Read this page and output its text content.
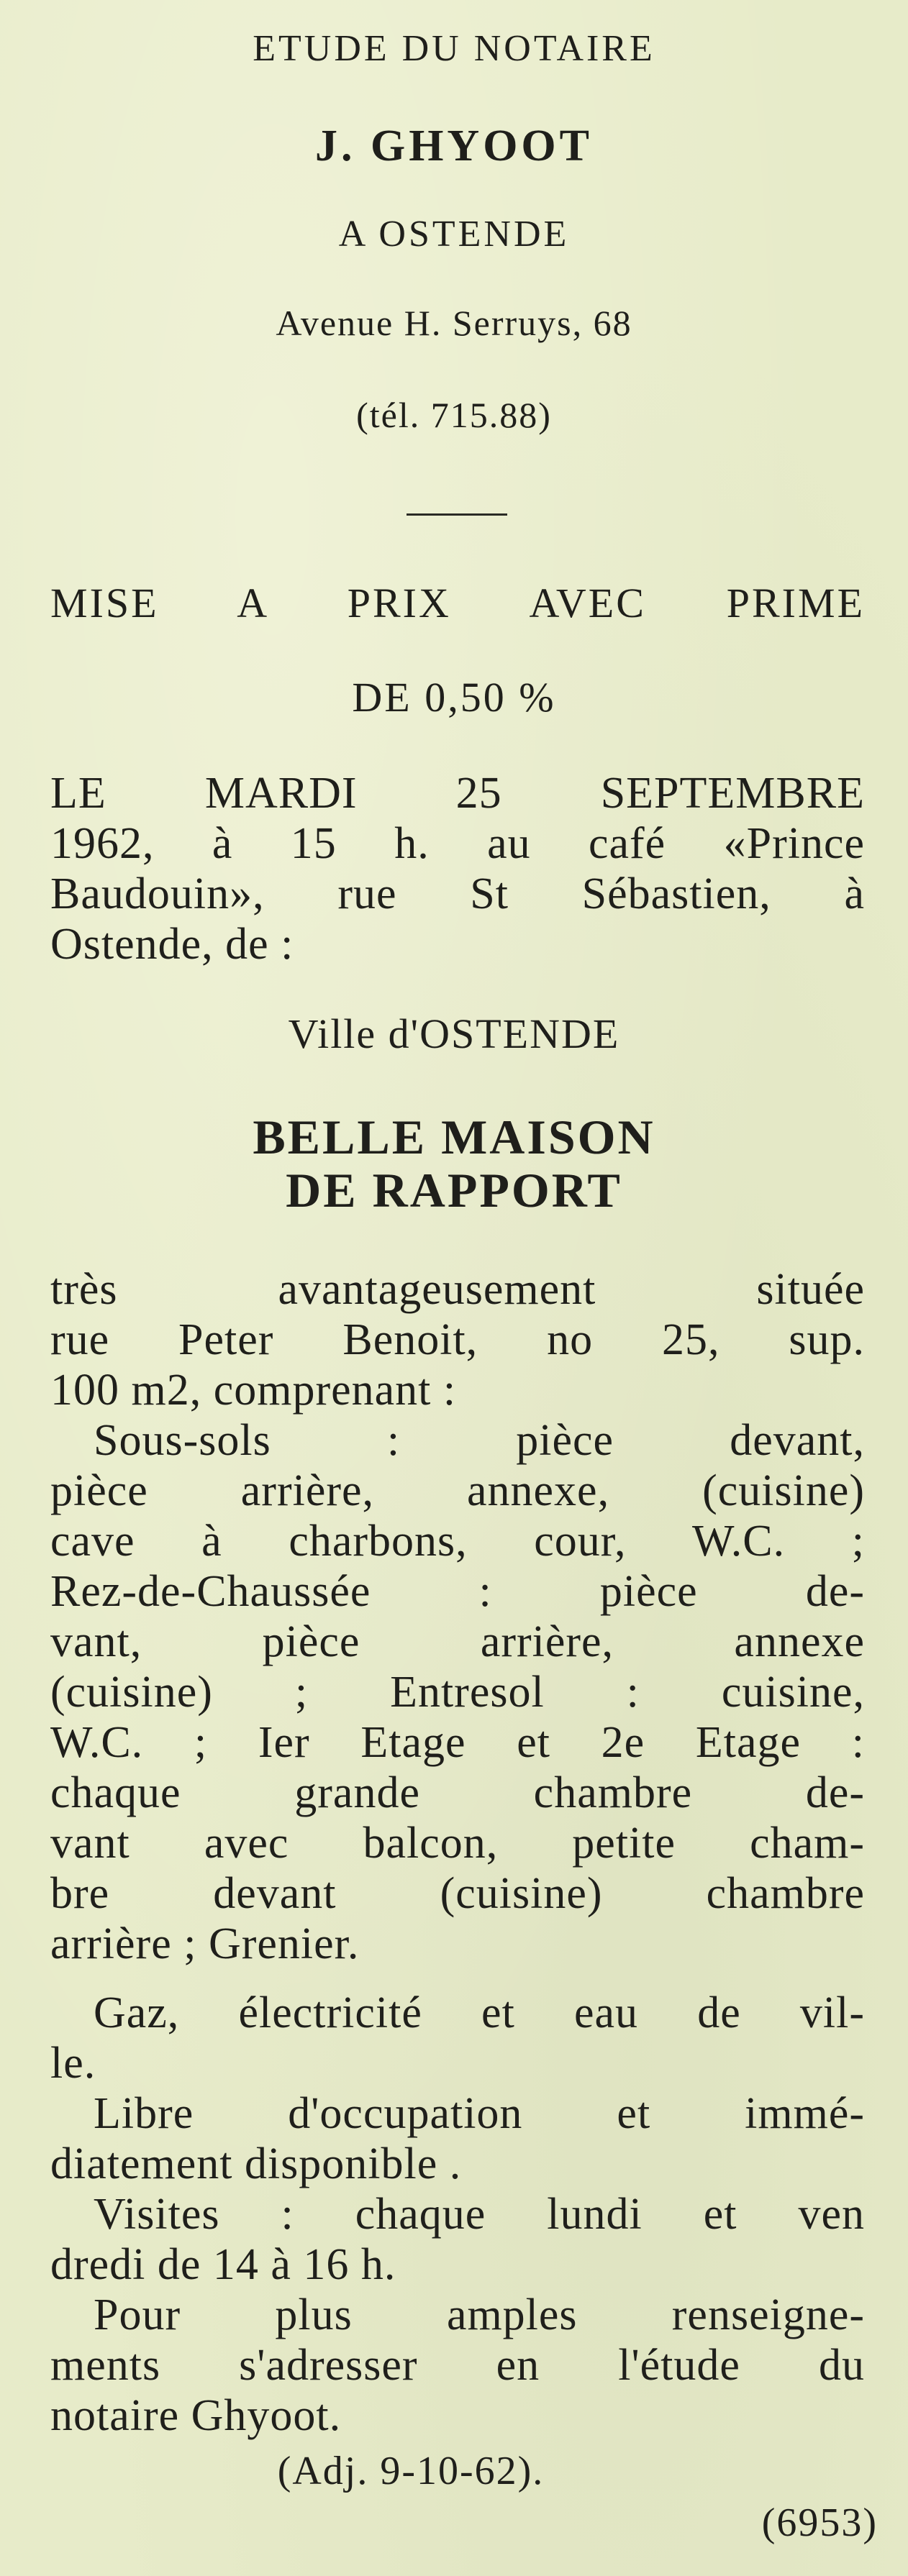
ETUDE DU NOTAIRE
J. GHYOOT
A OSTENDE
Avenue H. Serruys, 68
(tél. 715.88)
MISE A PRIX AVEC PRIME
DE 0,50 %
LE MARDI 25 SEPTEMBRE
1962, à 15 h. au café «Prince
Baudouin», rue St Sébastien, à
Ostende, de :
Ville d'OSTENDE
BELLE MAISON
DE RAPPORT
très avantageusement située
rue Peter Benoit, no 25, sup.
100 m2, comprenant :
Sous-sols : pièce devant,
pièce arrière, annexe, (cuisine)
cave à charbons, cour, W.C. ;
Rez-de-Chaussée : pièce de-
vant, pièce arrière, annexe
(cuisine) ; Entresol : cuisine,
W.C. ; Ier Etage et 2e Etage :
chaque grande chambre de-
vant avec balcon, petite cham-
bre devant (cuisine) chambre
arrière ; Grenier.
Gaz, électricité et eau de vil-
le.
Libre d'occupation et immé-
diatement disponible .
Visites : chaque lundi et ven
dredi de 14 à 16 h.
Pour plus amples renseigne-
ments s'adresser en l'étude du
notaire Ghyoot.
(Adj. 9-10-62).
(6953)
